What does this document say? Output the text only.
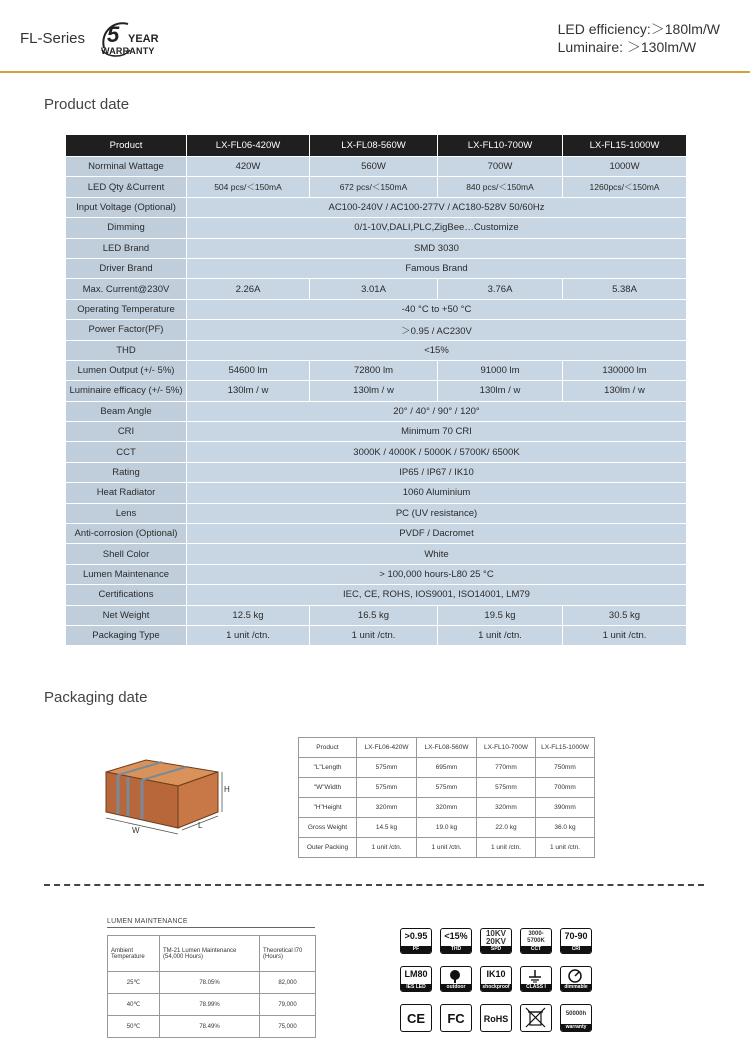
FL-Series 5 YEAR
WARRANTY
LED efficiency:＞180lm/W
Luminaire: ＞130lm/W
Product date
Product	LX-FL06-420W	LX-FL08-560W	LX-FL10-700W	LX-FL15-1000W
Norminal Wattage	420W	560W	700W	1000W
LED Qty &Current	504 pcs/＜150mA	672 pcs/＜150mA	840 pcs/＜150mA	1260pcs/＜150mA
Input Voltage (Optional)	AC100-240V / AC100-277V / AC180-528V 50/60Hz			
Dimming	0/1-10V,DALI,PLC,ZigBee…Customize			
LED Brand	SMD 3030			
Driver Brand	Famous Brand			
Max. Current@230V	2.26A	3.01A	3.76A	5.38A
Operating Temperature	-40 °C to +50 °C			
Power Factor(PF)	＞0.95 / AC230V			
THD	<15%			
Lumen Output (+/- 5%)	54600 lm	72800 lm	91000 lm	130000 lm
Luminaire efficacy (+/- 5%)	130lm / w	130lm / w	130lm / w	130lm / w
Beam Angle	20° / 40° / 90° / 120°			
CRI	Minimum 70 CRI			
CCT	3000K / 4000K / 5000K / 5700K/ 6500K			
Rating	IP65 / IP67 / IK10			
Heat Radiator	1060 Aluminium			
Lens	PC (UV resistance)			
Anti-corrosion (Optional)	PVDF / Dacromet			
Shell Color	White			
Lumen Maintenance	> 100,000 hours-L80 25 °C			
Certifications	IEC, CE, ROHS, IOS9001, ISO14001, LM79			
Net Weight	12.5 kg	16.5 kg	19.5 kg	30.5 kg
Packaging Type	1 unit /ctn.	1 unit /ctn.	1 unit /ctn.	1 unit /ctn.
Packaging date
H
W
L
Product	LX-FL06-420W	LX-FL08-560W	LX-FL10-700W	LX-FL15-1000W
"L"Length	575mm	695mm	770mm	750mm
"W"Width	575mm	575mm	575mm	700mm
"H"Height	320mm	320mm	320mm	390mm
Gross Weight	14.5 kg	19.0 kg	22.0 kg	36.0 kg
Outer Packing	1 unit /ctn.	1 unit /ctn.	1 unit /ctn.	1 unit /ctn.
LUMEN MAINTENANCE
Ambient Temperature	TM-21 Lumen Maintenance (54,000 Hours)	Theoretical l70 (Hours)
25℃	78.05%	82,000
40℃	78.99%	79,000
50℃	78.49%	75,000
>0.95
PF
<15%
THD
10KV
20KV
SPD
3000-
5700K
CCT
70-90
CRI
LM80
IES LED	outdoor
IK10
shockproof	CLASS I	dimmable
CE	FC	RoHS	50000h
warranty
